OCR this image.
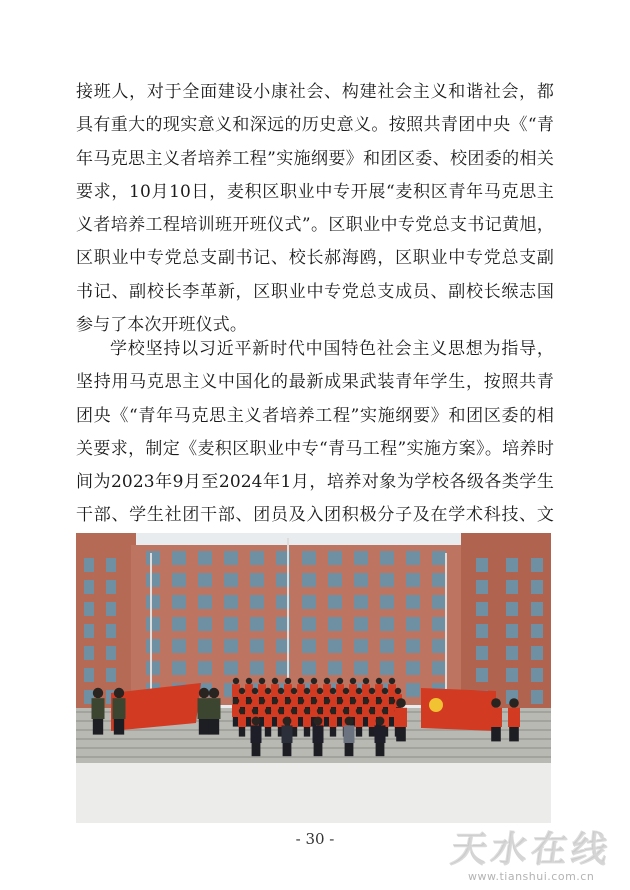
接班人，对于全面建设小康社会、构建社会主义和谐社会，都具有重大的现实意义和深远的历史意义。按照共青团中央《“青年马克思主义者培养工程”实施纲要》和团区委、校团委的相关要求，10月10日，麦积区职业中专开展“麦积区青年马克思主义者培养工程培训班开班仪式”。区职业中专党总支书记黄旭，区职业中专党总支副书记、校长郝海鸥，区职业中专党总支副书记、副校长李革新，区职业中专党总支成员、副校长缑志国参与了本次开班仪式。

学校坚持以习近平新时代中国特色社会主义思想为指导，坚持用马克思主义中国化的最新成果武装青年学生，按照共青团央《“青年马克思主义者培养工程”实施纲要》和团区委的相关要求，制定《麦积区职业中专“青马工程”实施方案》。培养时间为2023年9月至2024年1月，培养对象为学校各级各类学生干部、学生社团干部、团员及入团积极分子及在学术科技、文

- 30 -	天水在线
www.tianshui.com.cn
